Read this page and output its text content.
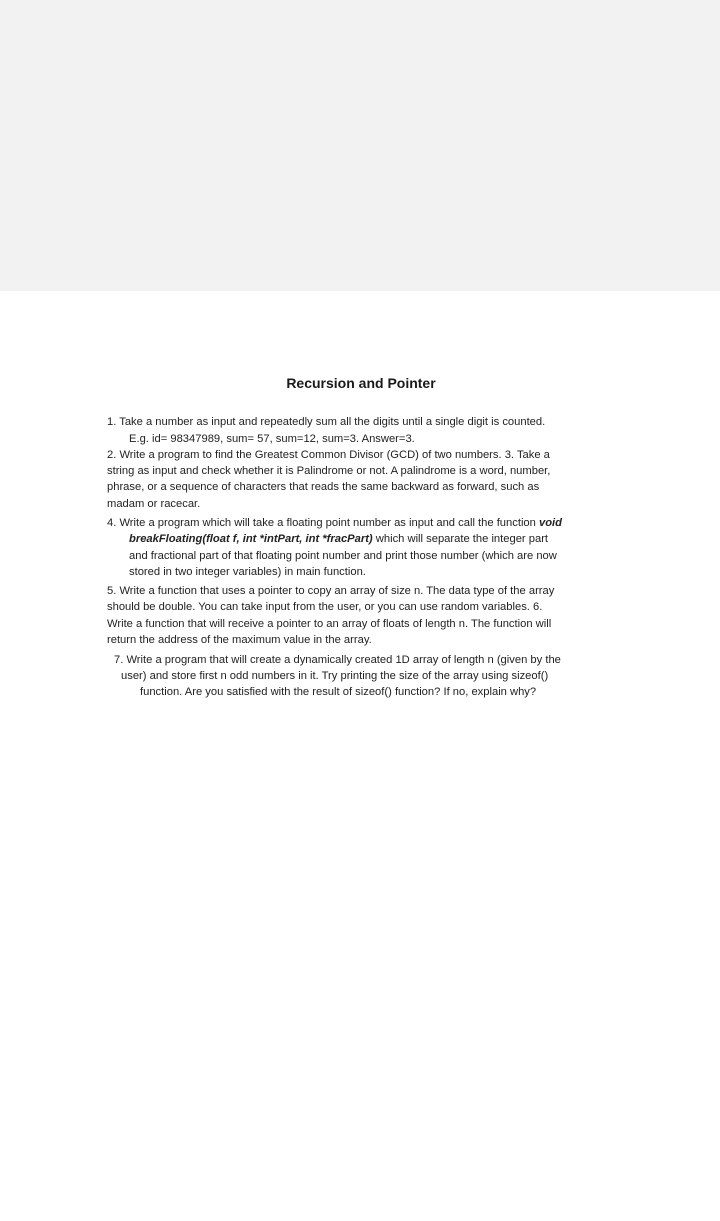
Recursion and Pointer
1. Take a number as input and repeatedly sum all the digits until a single digit is counted.
E.g. id= 98347989, sum= 57, sum=12, sum=3. Answer=3.
2. Write a program to find the Greatest Common Divisor (GCD) of two numbers. 3. Take a
string as input and check whether it is Palindrome or not. A palindrome is a word, number,
phrase, or a sequence of characters that reads the same backward as forward, such as
madam or racecar.
4. Write a program which will take a floating point number as input and call the function void
breakFloating(float f, int *intPart, int *fracPart) which will separate the integer part
and fractional part of that floating point number and print those number (which are now
stored in two integer variables) in main function.
5. Write a function that uses a pointer to copy an array of size n. The data type of the array
should be double. You can take input from the user, or you can use random variables. 6.
Write a function that will receive a pointer to an array of floats of length n. The function will
return the address of the maximum value in the array.
7. Write a program that will create a dynamically created 1D array of length n (given by the
user) and store first n odd numbers in it. Try printing the size of the array using sizeof()
function. Are you satisfied with the result of sizeof() function? If no, explain why?
